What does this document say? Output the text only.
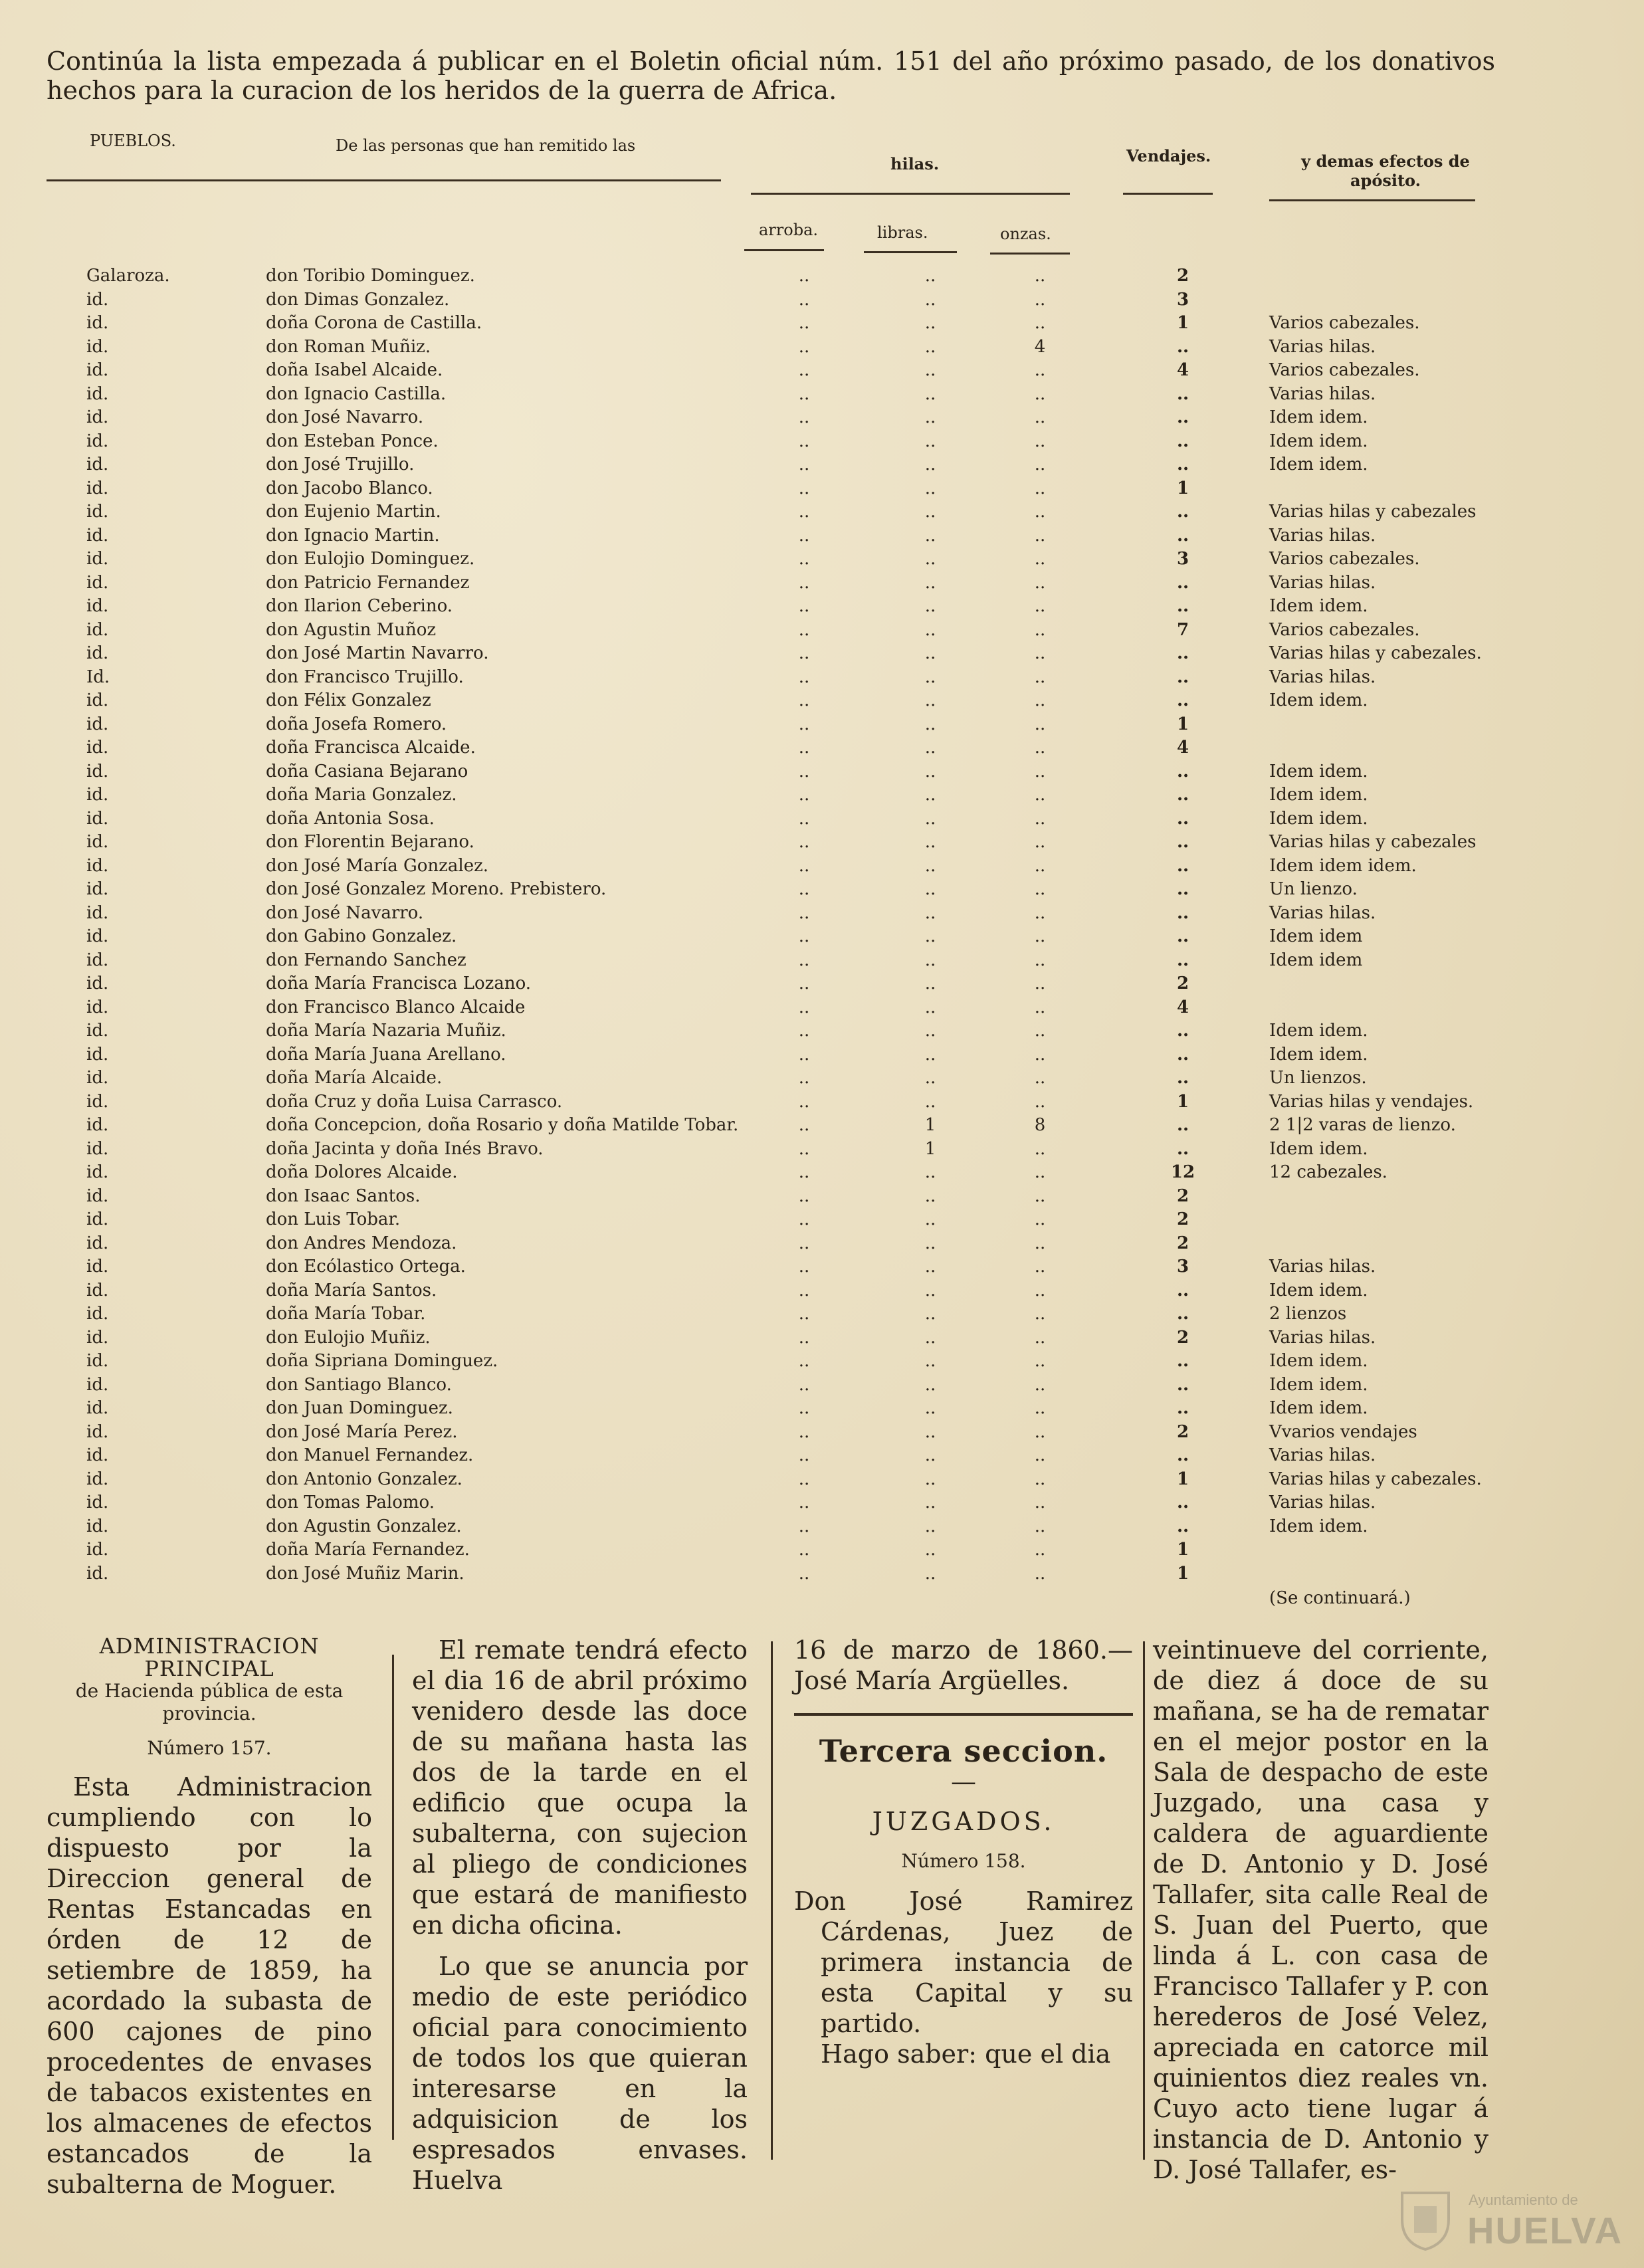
Continúa la lista empezada á publicar en el Boletin oficial núm. 151 del año próximo pasado, de los donativos hechos para la curacion de los heridos de la guerra de Africa.
PUEBLOS.	De las personas que han remitido las
hilas.	Vendajes.	y demas efectos de apósito.
arroba.	libras.	onzas.
Galaroza.	don Toribio Dominguez.	..	..	..	2
id.	don Dimas Gonzalez.	..	..	..	3
id.	doña Corona de Castilla.	..	..	..	1	Varios cabezales.
id.	don Roman Muñiz.	..	..	4	..	Varias hilas.
id.	doña Isabel Alcaide.	..	..	..	4	Varios cabezales.
id.	don Ignacio Castilla.	..	..	..	..	Varias hilas.
id.	don José Navarro.	..	..	..	..	Idem idem.
id.	don Esteban Ponce.	..	..	..	..	Idem idem.
id.	don José Trujillo.	..	..	..	..	Idem idem.
id.	don Jacobo Blanco.	..	..	..	1
id.	don Eujenio Martin.	..	..	..	..	Varias hilas y cabezales
id.	don Ignacio Martin.	..	..	..	..	Varias hilas.
id.	don Eulojio Dominguez.	..	..	..	3	Varios cabezales.
id.	don Patricio Fernandez	..	..	..	..	Varias hilas.
id.	don Ilarion Ceberino.	..	..	..	..	Idem idem.
id.	don Agustin Muñoz	..	..	..	7	Varios cabezales.
id.	don José Martin Navarro.	..	..	..	..	Varias hilas y cabezales.
Id.	don Francisco Trujillo.	..	..	..	..	Varias hilas.
id.	don Félix Gonzalez	..	..	..	..	Idem idem.
id.	doña Josefa Romero.	..	..	..	1
id.	doña Francisca Alcaide.	..	..	..	4
id.	doña Casiana Bejarano	..	..	..	..	Idem idem.
id.	doña Maria Gonzalez.	..	..	..	..	Idem idem.
id.	doña Antonia Sosa.	..	..	..	..	Idem idem.
id.	don Florentin Bejarano.	..	..	..	..	Varias hilas y cabezales
id.	don José María Gonzalez.	..	..	..	..	Idem idem idem.
id.	don José Gonzalez Moreno. Prebistero.	..	..	..	..	Un lienzo.
id.	don José Navarro.	..	..	..	..	Varias hilas.
id.	don Gabino Gonzalez.	..	..	..	..	Idem idem
id.	don Fernando Sanchez	..	..	..	..	Idem idem
id.	doña María Francisca Lozano.	..	..	..	2
id.	don Francisco Blanco Alcaide	..	..	..	4
id.	doña María Nazaria Muñiz.	..	..	..	..	Idem idem.
id.	doña María Juana Arellano.	..	..	..	..	Idem idem.
id.	doña María Alcaide.	..	..	..	..	Un lienzos.
id.	doña Cruz y doña Luisa Carrasco.	..	..	..	1	Varias hilas y vendajes.
id.	doña Concepcion, doña Rosario y doña Matilde Tobar.	..	1	8	..	2 1|2 varas de lienzo.
id.	doña Jacinta y doña Inés Bravo.	..	1	..	..	Idem idem.
id.	doña Dolores Alcaide.	..	..	..	12	12 cabezales.
id.	don Isaac Santos.	..	..	..	2
id.	don Luis Tobar.	..	..	..	2
id.	don Andres Mendoza.	..	..	..	2
id.	don Ecólastico Ortega.	..	..	..	3	Varias hilas.
id.	doña María Santos.	..	..	..	..	Idem idem.
id.	doña María Tobar.	..	..	..	..	2 lienzos
id.	don Eulojio Muñiz.	..	..	..	2	Varias hilas.
id.	doña Sipriana Dominguez.	..	..	..	..	Idem idem.
id.	don Santiago Blanco.	..	..	..	..	Idem idem.
id.	don Juan Dominguez.	..	..	..	..	Idem idem.
id.	don José María Perez.	..	..	..	2	Vvarios vendajes
id.	don Manuel Fernandez.	..	..	..	..	Varias hilas.
id.	don Antonio Gonzalez.	..	..	..	1	Varias hilas y cabezales.
id.	don Tomas Palomo.	..	..	..	..	Varias hilas.
id.	don Agustin Gonzalez.	..	..	..	..	Idem idem.
id.	doña María Fernandez.	..	..	..	1
id.	don José Muñiz Marin.	..	..	..	1
(Se continuará.)
ADMINISTRACION PRINCIPAL
de Hacienda pública de esta provincia.
Número 157.
Esta Administracion cumpliendo con lo dispuesto por la Direccion general de Rentas Estancadas en órden de 12 de setiembre de 1859, ha acordado la subasta de 600 cajones de pino procedentes de envases de tabacos existentes en los almacenes de efectos estancados de la subalterna de Moguer.
El remate tendrá efecto el dia 16 de abril próximo venidero desde las doce de su mañana hasta las dos de la tarde en el edificio que ocupa la subalterna, con sujecion al pliego de condiciones que estará de manifiesto en dicha oficina.
Lo que se anuncia por medio de este periódico oficial para conocimiento de todos los que quieran interesarse en la adquisicion de los espresados envases. Huelva
16 de marzo de 1860.—José María Argüelles.
Tercera seccion.
—
JUZGADOS.
Número 158.
Don José Ramirez Cárdenas, Juez de primera instancia de esta Capital y su partido.
Hago saber: que el dia
veintinueve del corriente, de diez á doce de su mañana, se ha de rematar en el mejor postor en la Sala de despacho de este Juzgado, una casa y caldera de aguardiente de D. Antonio y D. José Tallafer, sita calle Real de S. Juan del Puerto, que linda á L. con casa de Francisco Tallafer y P. con herederos de José Velez, apreciada en catorce mil quinientos diez reales vn. Cuyo acto tiene lugar á instancia de D. Antonio y D. José Tallafer, es-
Ayuntamiento de
HUELVA
